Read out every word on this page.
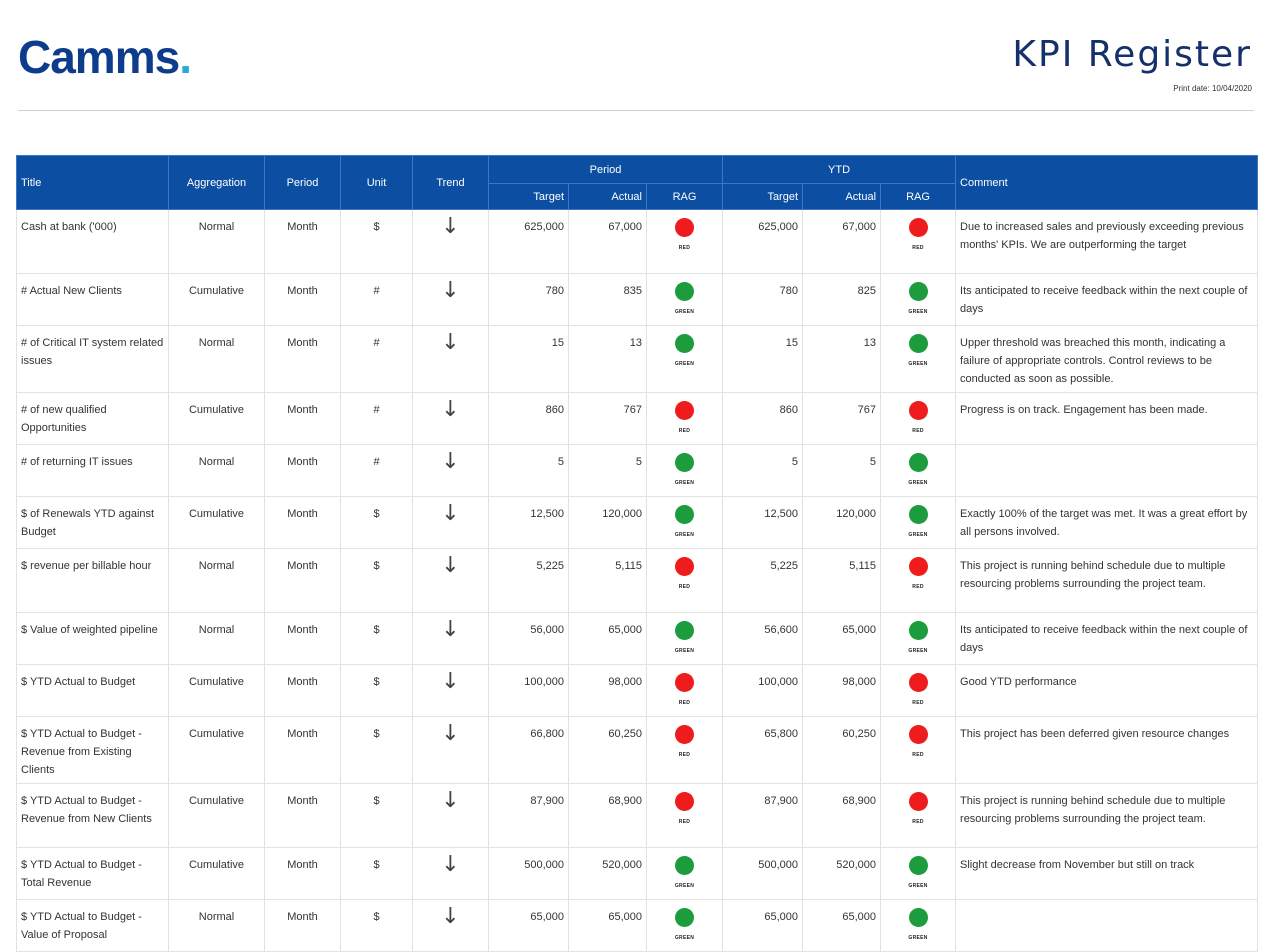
Camms.	KPI Register
Print date: 10/04/2020
Title	Aggregation	Period	Unit	Trend	Period			YTD			Comment
					Target	Actual	RAG	Target	Actual	RAG	
Cash at bank ('000)	Normal	Month	$	↓	625,000	67,000	RED	625,000	67,000	RED	Due to increased sales and previously exceeding previous months' KPIs. We are outperforming the target
# Actual New Clients	Cumulative	Month	#	↓	780	835	GREEN	780	825	GREEN	Its anticipated to receive feedback within the next couple of days
# of Critical IT system related issues	Normal	Month	#	↓	15	13	GREEN	15	13	GREEN	Upper threshold was breached this month, indicating a failure of appropriate controls. Control reviews to be conducted as soon as possible.
# of new qualified Opportunities	Cumulative	Month	#	↓	860	767	RED	860	767	RED	Progress is on track. Engagement has been made.
# of returning IT issues	Normal	Month	#	↓	5	5	GREEN	5	5	GREEN	

$ of Renewals YTD against Budget	Cumulative	Month	$	↓	12,500	120,000	GREEN	12,500	120,000	GREEN	Exactly 100% of the target was met. It was a great effort by all persons involved.
$ revenue per billable hour	Normal	Month	$	↓	5,225	5,115	RED	5,225	5,115	RED	This project is running behind schedule due to multiple resourcing problems surrounding the project team.
$ Value of weighted pipeline	Normal	Month	$	↓	56,000	65,000	GREEN	56,600	65,000	GREEN	Its anticipated to receive feedback within the next couple of days
$ YTD Actual to Budget	Cumulative	Month	$	↓	100,000	98,000	RED	100,000	98,000	RED	Good YTD performance
$ YTD Actual to Budget - Revenue from Existing Clients	Cumulative	Month	$	↓	66,800	60,250	RED	65,800	60,250	RED	This project has been deferred given resource changes
$ YTD Actual to Budget - Revenue from New Clients	Cumulative	Month	$	↓	87,900	68,900	RED	87,900	68,900	RED	This project is running behind schedule due to multiple resourcing problems surrounding the project team.
$ YTD Actual to Budget - Total Revenue	Cumulative	Month	$	↓	500,000	520,000	GREEN	500,000	520,000	GREEN	Slight decrease from November but still on track
$ YTD Actual to Budget - Value of Proposal	Normal	Month	$	↓	65,000	65,000	GREEN	65,000	65,000	GREEN	
